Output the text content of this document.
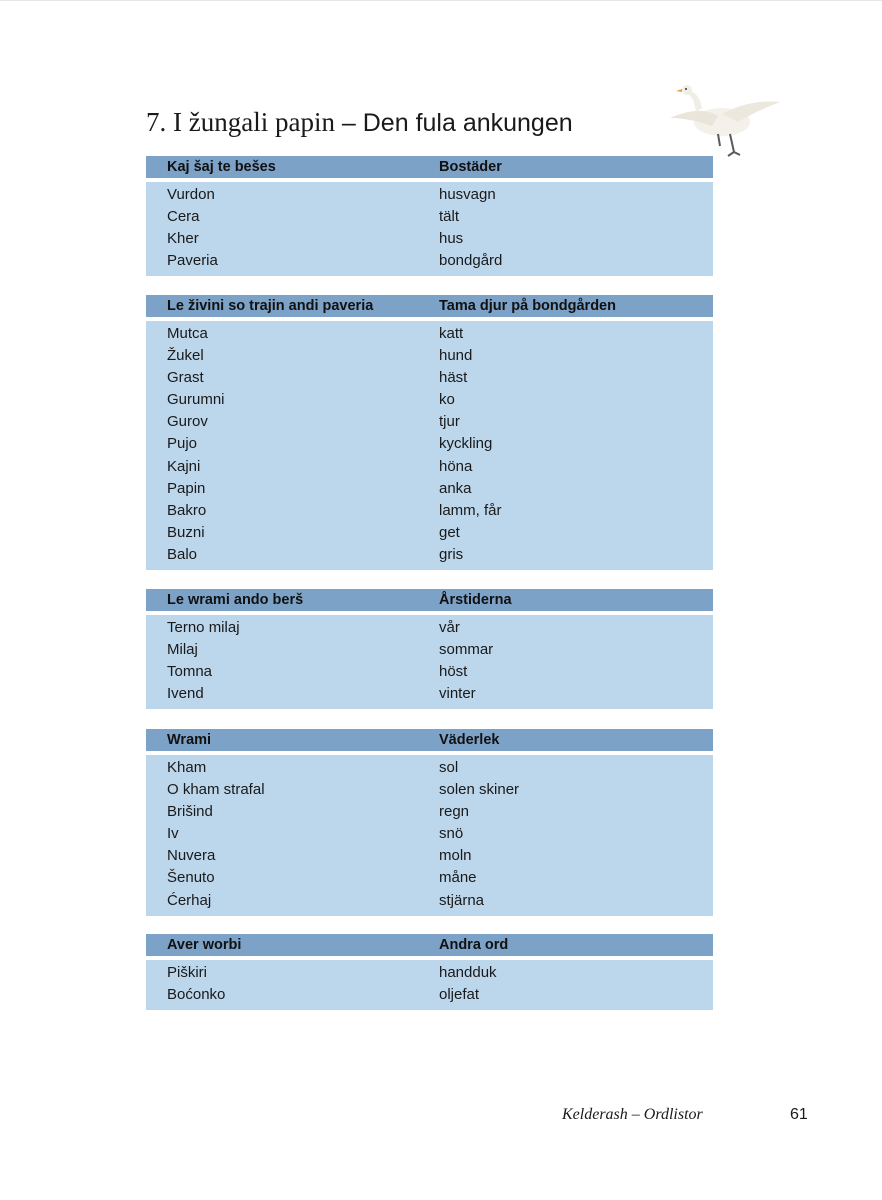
7. I žungali papin – Den fula ankungen
Kaj šaj te bešes	Bostäder
Vurdon	husvagn
Cera	tält
Kher	hus
Paveria	bondgård
Le živini so trajin andi paveria	Tama djur på bondgården
Mutca	katt
Žukel	hund
Grast	häst
Gurumni	ko
Gurov	tjur
Pujo	kyckling
Kajni	höna
Papin	anka
Bakro	lamm, får
Buzni	get
Balo	gris
Le wrami ando berš	Årstiderna
Terno milaj	vår
Milaj	sommar
Tomna	höst
Ivend	vinter
Wrami	Väderlek
Kham	sol
O kham strafal	solen skiner
Brišind	regn
Iv	snö
Nuvera	moln
Šenuto	måne
Ćerhaj	stjärna
Aver worbi	Andra ord
Piškiri	handduk
Boćonko	oljefat
Kelderash – Ordlistor	61
